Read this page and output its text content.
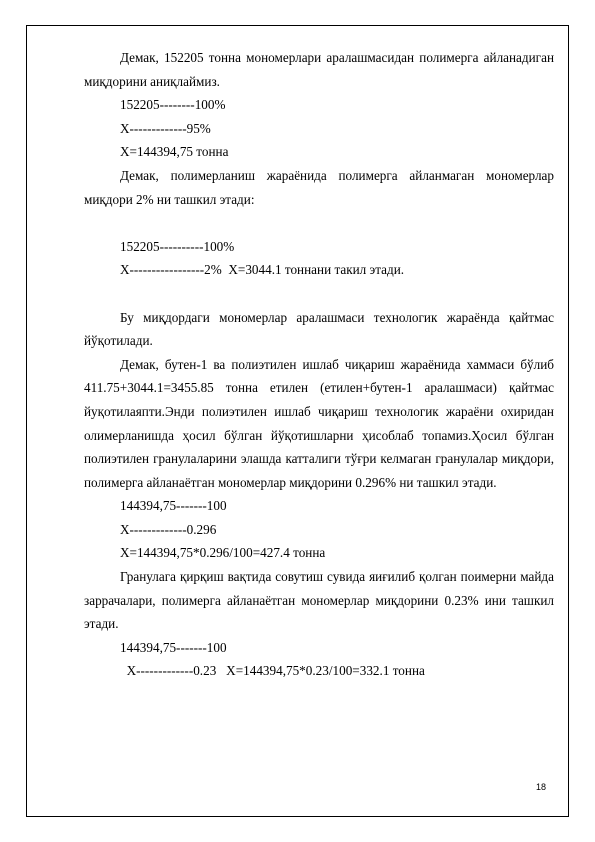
Демак, 152205 тонна мономерлари аралашмасидан полимерга айланадиган миқдорини аниқлаймиз.
152205--------100%
Х-------------95%
Х=144394,75 тонна
Демак, полимерланиш жараёнида полимерга айланмаган мономерлар миқдори 2% ни ташкил этади:
152205----------100%
Х-----------------2%  Х=3044.1 тоннани такил этади.
Бу миқдордаги мономерлар аралашмаси технологик жараёнда қайтмас йўқотилади.
Демак, бутен-1 ва полиэтилен ишлаб чиқариш жараёнида хаммаси бўлиб 411.75+3044.1=3455.85 тонна етилен (етилен+бутен-1 аралашмаси) қайтмас йуқотилаяпти.Энди полиэтилен ишлаб чиқариш технологик жараёни охиридан олимерланишда ҳосил бўлган йўқотишларни ҳисоблаб топамиз.Ҳосил бўлган полиэтилен гранулаларини элашда катталиги тўғри келмаган гранулалар миқдори, полимерга айланаётган мономерлар миқдорини 0.296% ни ташкил этади.
144394,75-------100
Х-------------0.296
Х=144394,75*0.296/100=427.4 тонна
Гранулага қирқиш вақтида совутиш сувида яиғилиб қолган поимерни майда заррачалари, полимерга айланаётган мономерлар миқдорини 0.23% ини ташкил этади.
144394,75-------100
Х-------------0.23   Х=144394,75*0.23/100=332.1 тонна
18
